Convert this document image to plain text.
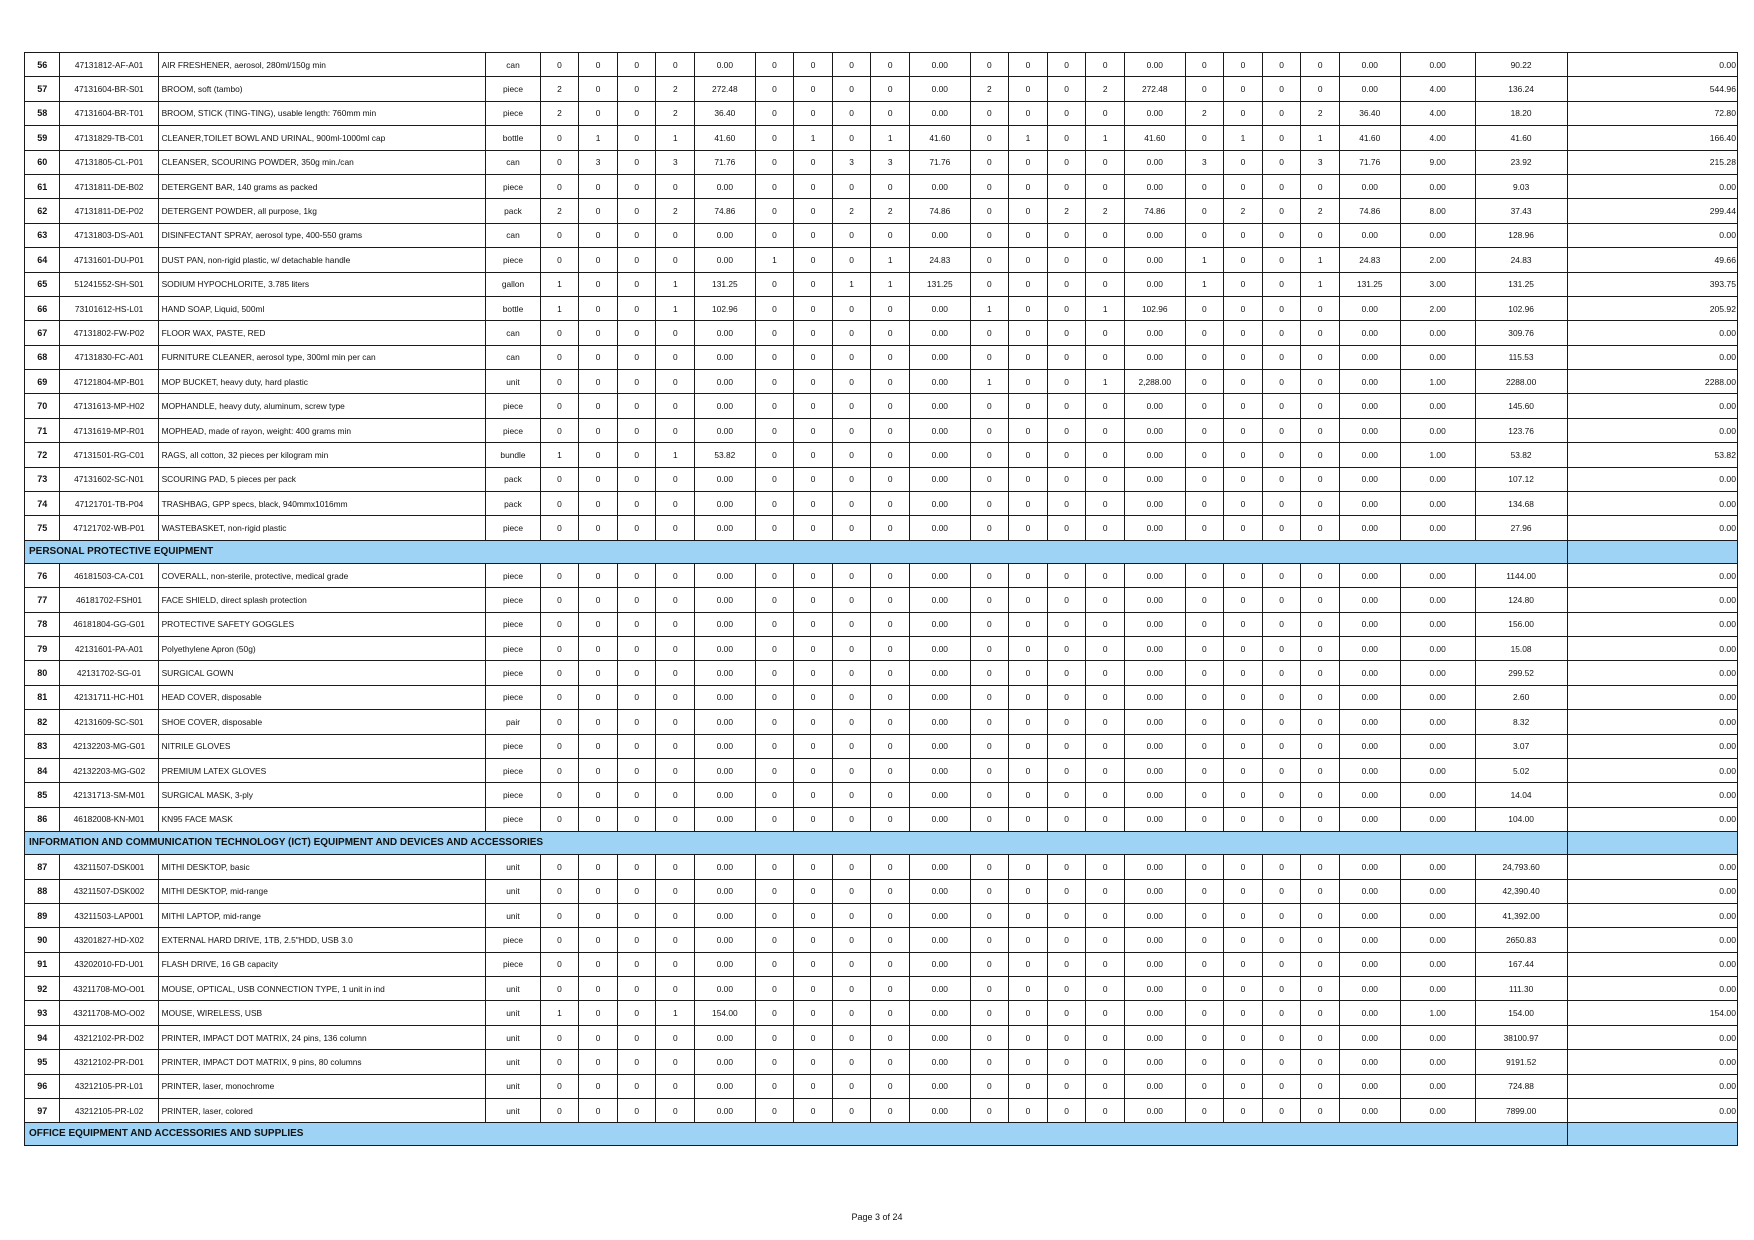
56	47131812-AF-A01	AIR FRESHENER, aerosol, 280ml/150g min	can	0	0	0	0	0.00	0	0	0	0	0.00	0	0	0	0	0.00	0	0	0	0	0.00	0.00	90.22	0.00
57	47131604-BR-S01	BROOM, soft (tambo)	piece	2	0	0	2	272.48	0	0	0	0	0.00	2	0	0	2	272.48	0	0	0	0	0.00	4.00	136.24	544.96
58	47131604-BR-T01	BROOM, STICK (TING-TING), usable length: 760mm min	piece	2	0	0	2	36.40	0	0	0	0	0.00	0	0	0	0	0.00	2	0	0	2	36.40	4.00	18.20	72.80
59	47131829-TB-C01	CLEANER,TOILET BOWL AND URINAL, 900ml-1000ml cap	bottle	0	1	0	1	41.60	0	1	0	1	41.60	0	1	0	1	41.60	0	1	0	1	41.60	4.00	41.60	166.40
60	47131805-CL-P01	CLEANSER, SCOURING POWDER, 350g min./can	can	0	3	0	3	71.76	0	0	3	3	71.76	0	0	0	0	0.00	3	0	0	3	71.76	9.00	23.92	215.28
61	47131811-DE-B02	DETERGENT BAR, 140 grams as packed	piece	0	0	0	0	0.00	0	0	0	0	0.00	0	0	0	0	0.00	0	0	0	0	0.00	0.00	9.03	0.00
62	47131811-DE-P02	DETERGENT POWDER, all purpose, 1kg	pack	2	0	0	2	74.86	0	0	2	2	74.86	0	0	2	2	74.86	0	2	0	2	74.86	8.00	37.43	299.44
63	47131803-DS-A01	DISINFECTANT SPRAY, aerosol type, 400-550 grams	can	0	0	0	0	0.00	0	0	0	0	0.00	0	0	0	0	0.00	0	0	0	0	0.00	0.00	128.96	0.00
64	47131601-DU-P01	DUST PAN, non-rigid plastic, w/ detachable handle	piece	0	0	0	0	0.00	1	0	0	1	24.83	0	0	0	0	0.00	1	0	0	1	24.83	2.00	24.83	49.66
65	51241552-SH-S01	SODIUM HYPOCHLORITE, 3.785 liters	gallon	1	0	0	1	131.25	0	0	1	1	131.25	0	0	0	0	0.00	1	0	0	1	131.25	3.00	131.25	393.75
66	73101612-HS-L01	HAND SOAP, Liquid, 500ml	bottle	1	0	0	1	102.96	0	0	0	0	0.00	1	0	0	1	102.96	0	0	0	0	0.00	2.00	102.96	205.92
67	47131802-FW-P02	FLOOR WAX, PASTE, RED	can	0	0	0	0	0.00	0	0	0	0	0.00	0	0	0	0	0.00	0	0	0	0	0.00	0.00	309.76	0.00
68	47131830-FC-A01	FURNITURE CLEANER, aerosol type, 300ml min per can	can	0	0	0	0	0.00	0	0	0	0	0.00	0	0	0	0	0.00	0	0	0	0	0.00	0.00	115.53	0.00
69	47121804-MP-B01	MOP BUCKET, heavy duty, hard plastic	unit	0	0	0	0	0.00	0	0	0	0	0.00	1	0	0	1	2,288.00	0	0	0	0	0.00	1.00	2288.00	2288.00
70	47131613-MP-H02	MOPHANDLE, heavy duty, aluminum, screw type	piece	0	0	0	0	0.00	0	0	0	0	0.00	0	0	0	0	0.00	0	0	0	0	0.00	0.00	145.60	0.00
71	47131619-MP-R01	MOPHEAD, made of rayon, weight: 400 grams min	piece	0	0	0	0	0.00	0	0	0	0	0.00	0	0	0	0	0.00	0	0	0	0	0.00	0.00	123.76	0.00
72	47131501-RG-C01	RAGS, all cotton, 32 pieces per kilogram min	bundle	1	0	0	1	53.82	0	0	0	0	0.00	0	0	0	0	0.00	0	0	0	0	0.00	1.00	53.82	53.82
73	47131602-SC-N01	SCOURING PAD, 5 pieces per pack	pack	0	0	0	0	0.00	0	0	0	0	0.00	0	0	0	0	0.00	0	0	0	0	0.00	0.00	107.12	0.00
74	47121701-TB-P04	TRASHBAG, GPP specs, black, 940mmx1016mm	pack	0	0	0	0	0.00	0	0	0	0	0.00	0	0	0	0	0.00	0	0	0	0	0.00	0.00	134.68	0.00
75	47121702-WB-P01	WASTEBASKET, non-rigid plastic	piece	0	0	0	0	0.00	0	0	0	0	0.00	0	0	0	0	0.00	0	0	0	0	0.00	0.00	27.96	0.00
PERSONAL PROTECTIVE EQUIPMENT																										
76	46181503-CA-C01	COVERALL, non-sterile, protective, medical grade	piece	0	0	0	0	0.00	0	0	0	0	0.00	0	0	0	0	0.00	0	0	0	0	0.00	0.00	1144.00	0.00
77	46181702-FSH01	FACE SHIELD, direct splash protection	piece	0	0	0	0	0.00	0	0	0	0	0.00	0	0	0	0	0.00	0	0	0	0	0.00	0.00	124.80	0.00
78	46181804-GG-G01	PROTECTIVE SAFETY GOGGLES	piece	0	0	0	0	0.00	0	0	0	0	0.00	0	0	0	0	0.00	0	0	0	0	0.00	0.00	156.00	0.00
79	42131601-PA-A01	Polyethylene Apron (50g)	piece	0	0	0	0	0.00	0	0	0	0	0.00	0	0	0	0	0.00	0	0	0	0	0.00	0.00	15.08	0.00
80	42131702-SG-01	SURGICAL GOWN	piece	0	0	0	0	0.00	0	0	0	0	0.00	0	0	0	0	0.00	0	0	0	0	0.00	0.00	299.52	0.00
81	42131711-HC-H01	HEAD COVER, disposable	piece	0	0	0	0	0.00	0	0	0	0	0.00	0	0	0	0	0.00	0	0	0	0	0.00	0.00	2.60	0.00
82	42131609-SC-S01	SHOE COVER, disposable	pair	0	0	0	0	0.00	0	0	0	0	0.00	0	0	0	0	0.00	0	0	0	0	0.00	0.00	8.32	0.00
83	42132203-MG-G01	NITRILE GLOVES	piece	0	0	0	0	0.00	0	0	0	0	0.00	0	0	0	0	0.00	0	0	0	0	0.00	0.00	3.07	0.00
84	42132203-MG-G02	PREMIUM LATEX GLOVES	piece	0	0	0	0	0.00	0	0	0	0	0.00	0	0	0	0	0.00	0	0	0	0	0.00	0.00	5.02	0.00
85	42131713-SM-M01	SURGICAL MASK, 3-ply	piece	0	0	0	0	0.00	0	0	0	0	0.00	0	0	0	0	0.00	0	0	0	0	0.00	0.00	14.04	0.00
86	46182008-KN-M01	KN95 FACE MASK	piece	0	0	0	0	0.00	0	0	0	0	0.00	0	0	0	0	0.00	0	0	0	0	0.00	0.00	104.00	0.00
INFORMATION AND COMMUNICATION TECHNOLOGY (ICT) EQUIPMENT AND DEVICES AND ACCESSORIES																										
87	43211507-DSK001	MITHI DESKTOP, basic	unit	0	0	0	0	0.00	0	0	0	0	0.00	0	0	0	0	0.00	0	0	0	0	0.00	0.00	24,793.60	0.00
88	43211507-DSK002	MITHI DESKTOP, mid-range	unit	0	0	0	0	0.00	0	0	0	0	0.00	0	0	0	0	0.00	0	0	0	0	0.00	0.00	42,390.40	0.00
89	43211503-LAP001	MITHI LAPTOP, mid-range	unit	0	0	0	0	0.00	0	0	0	0	0.00	0	0	0	0	0.00	0	0	0	0	0.00	0.00	41,392.00	0.00
90	43201827-HD-X02	EXTERNAL HARD DRIVE, 1TB, 2.5"HDD, USB 3.0	piece	0	0	0	0	0.00	0	0	0	0	0.00	0	0	0	0	0.00	0	0	0	0	0.00	0.00	2650.83	0.00
91	43202010-FD-U01	FLASH DRIVE, 16 GB capacity	piece	0	0	0	0	0.00	0	0	0	0	0.00	0	0	0	0	0.00	0	0	0	0	0.00	0.00	167.44	0.00
92	43211708-MO-O01	MOUSE, OPTICAL, USB CONNECTION TYPE, 1 unit in ind	unit	0	0	0	0	0.00	0	0	0	0	0.00	0	0	0	0	0.00	0	0	0	0	0.00	0.00	111.30	0.00
93	43211708-MO-O02	MOUSE, WIRELESS, USB	unit	1	0	0	1	154.00	0	0	0	0	0.00	0	0	0	0	0.00	0	0	0	0	0.00	1.00	154.00	154.00
94	43212102-PR-D02	PRINTER, IMPACT DOT MATRIX, 24 pins, 136 column	unit	0	0	0	0	0.00	0	0	0	0	0.00	0	0	0	0	0.00	0	0	0	0	0.00	0.00	38100.97	0.00
95	43212102-PR-D01	PRINTER, IMPACT DOT MATRIX, 9 pins, 80 columns	unit	0	0	0	0	0.00	0	0	0	0	0.00	0	0	0	0	0.00	0	0	0	0	0.00	0.00	9191.52	0.00
96	43212105-PR-L01	PRINTER, laser, monochrome	unit	0	0	0	0	0.00	0	0	0	0	0.00	0	0	0	0	0.00	0	0	0	0	0.00	0.00	724.88	0.00
97	43212105-PR-L02	PRINTER, laser, colored	unit	0	0	0	0	0.00	0	0	0	0	0.00	0	0	0	0	0.00	0	0	0	0	0.00	0.00	7899.00	0.00
OFFICE EQUIPMENT AND ACCESSORIES AND SUPPLIES																										
Page 3 of 24
